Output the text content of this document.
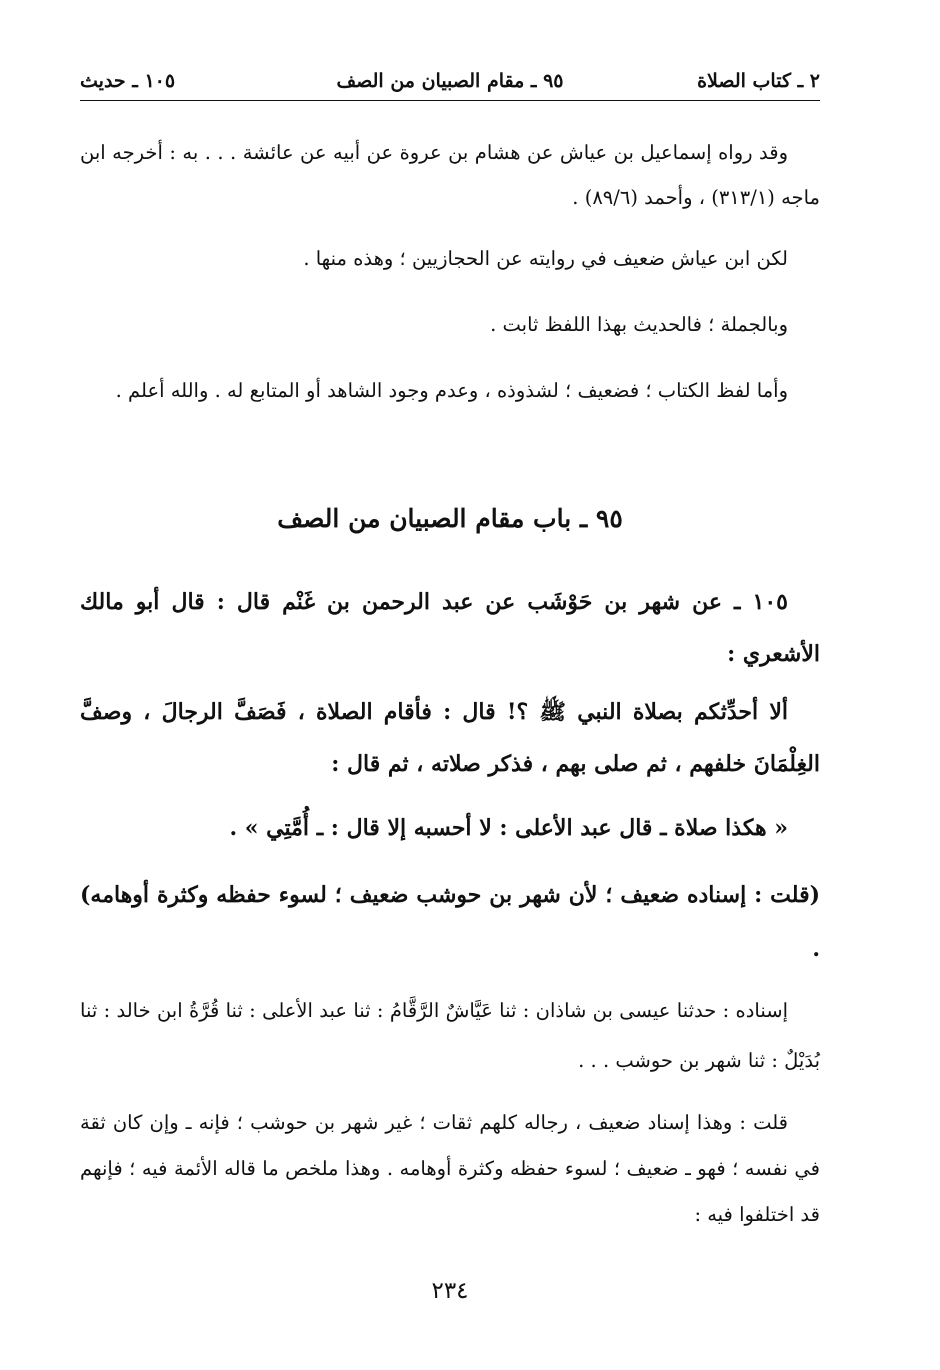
٢ ـ كتاب الصلاة
٩٥ ـ مقام الصبيان من الصف
١٠٥ ـ حديث

وقد رواه إسماعيل بن عياش عن هشام بن عروة عن أبيه عن عائشة . . . به : أخرجه ابن ماجه (٣١٣/١) ، وأحمد (٨٩/٦) .

لكن ابن عياش ضعيف في روايته عن الحجازيين ؛ وهذه منها .

وبالجملة ؛ فالحديث بهذا اللفظ ثابت .

وأما لفظ الكتاب ؛ فضعيف ؛ لشذوذه ، وعدم وجود الشاهد أو المتابع له . والله أعلم .

٩٥ ـ باب مقام الصبيان من الصف

١٠٥ ـ عن شهر بن حَوْشَب عن عبد الرحمن بن غَنْم قال : قال أبو مالك الأشعري :

ألا أحدِّثكم بصلاة النبي ﷺ ؟! قال : فأقام الصلاة ، فَصَفَّ الرجالَ ، وصفَّ الغِلْمَانَ خلفهم ، ثم صلى بهم ، فذكر صلاته ، ثم قال :

« هكذا صلاة ـ قال عبد الأعلى : لا أحسبه إلا قال : ـ أُمَّتِي » .

(قلت : إسناده ضعيف ؛ لأن شهر بن حوشب ضعيف ؛ لسوء حفظه وكثرة أوهامه) .

إسناده : حدثنا عيسى بن شاذان : ثنا عَيَّاشٌ الرَّقَّامُ : ثنا عبد الأعلى : ثنا قُرَّةُ ابن خالد : ثنا بُدَيْلٌ : ثنا شهر بن حوشب . . .

قلت : وهذا إسناد ضعيف ، رجاله كلهم ثقات ؛ غير شهر بن حوشب ؛ فإنه ـ وإن كان ثقة في نفسه ؛ فهو ـ ضعيف ؛ لسوء حفظه وكثرة أوهامه . وهذا ملخص ما قاله الأئمة فيه ؛ فإنهم قد اختلفوا فيه :

٢٣٤
